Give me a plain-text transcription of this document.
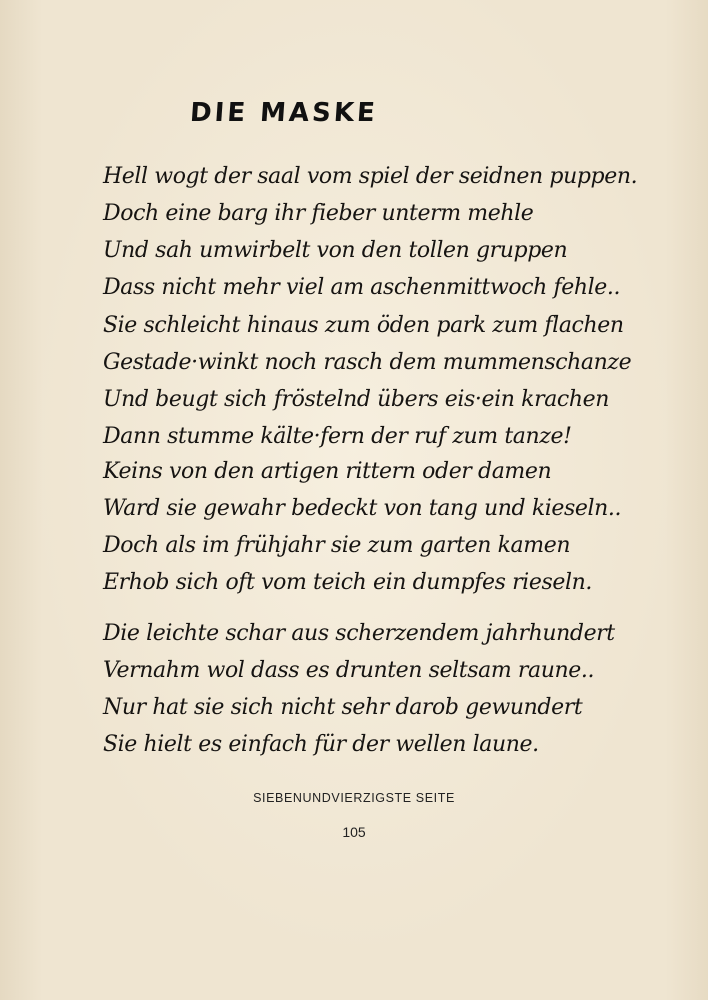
DIE MASKE
Hell wogt der saal vom spiel der seidnen puppen.
Doch eine barg ihr fieber unterm mehle
Und sah umwirbelt von den tollen gruppen
Dass nicht mehr viel am aschenmittwoch fehle..
Sie schleicht hinaus zum öden park zum flachen
Gestade·winkt noch rasch dem mummenschanze
Und beugt sich fröstelnd übers eis·ein krachen
Dann stumme kälte·fern der ruf zum tanze!
Keins von den artigen rittern oder damen
Ward sie gewahr bedeckt von tang und kieseln..
Doch als im frühjahr sie zum garten kamen
Erhob sich oft vom teich ein dumpfes rieseln.
Die leichte schar aus scherzendem jahrhundert
Vernahm wol dass es drunten seltsam raune..
Nur hat sie sich nicht sehr darob gewundert
Sie hielt es einfach für der wellen laune.
SIEBENUNDVIERZIGSTE SEITE
105
